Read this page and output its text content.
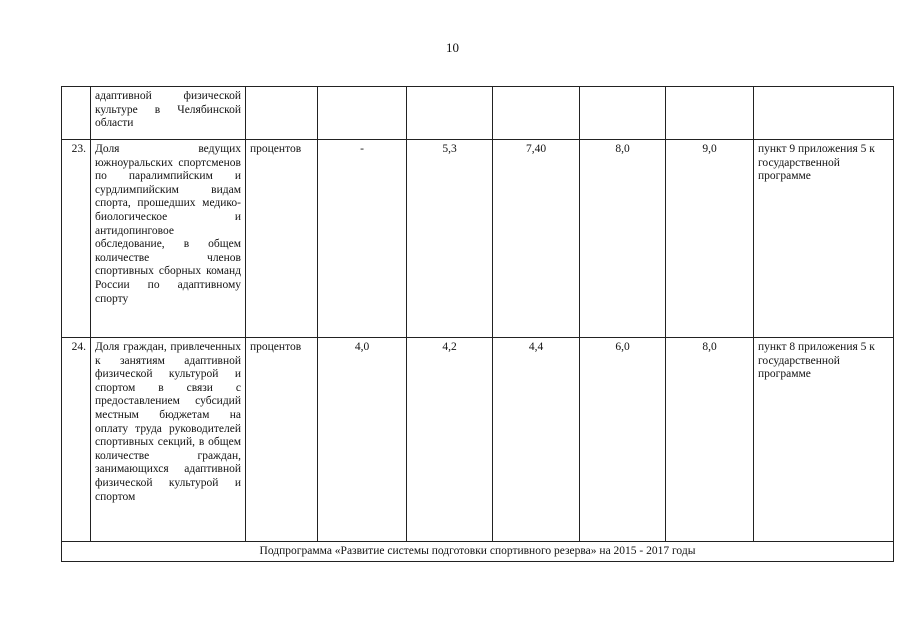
10
	адаптивной физической культуре в Челябинской области							
23.	Доля ведущих южноуральских спортсменов по паралимпийским и сурдлимпийским видам спорта, прошедших медико-биологическое и антидопинговое обследование, в общем количестве членов спортивных сборных команд России по адаптивному спорту	процентов	-	5,3	7,40	8,0	9,0	пункт 9 приложения 5 к государственной программе
24.	Доля граждан, привлеченных к занятиям адаптивной физической культурой и спортом в связи с предоставлением субсидий местным бюджетам на оплату труда руководителей спортивных секций, в общем количестве граждан, занимающихся адаптивной физической культурой и спортом	процентов	4,0	4,2	4,4	6,0	8,0	пункт 8 приложения 5 к государственной программе
Подпрограмма «Развитие системы подготовки спортивного резерва» на 2015 - 2017 годы								
